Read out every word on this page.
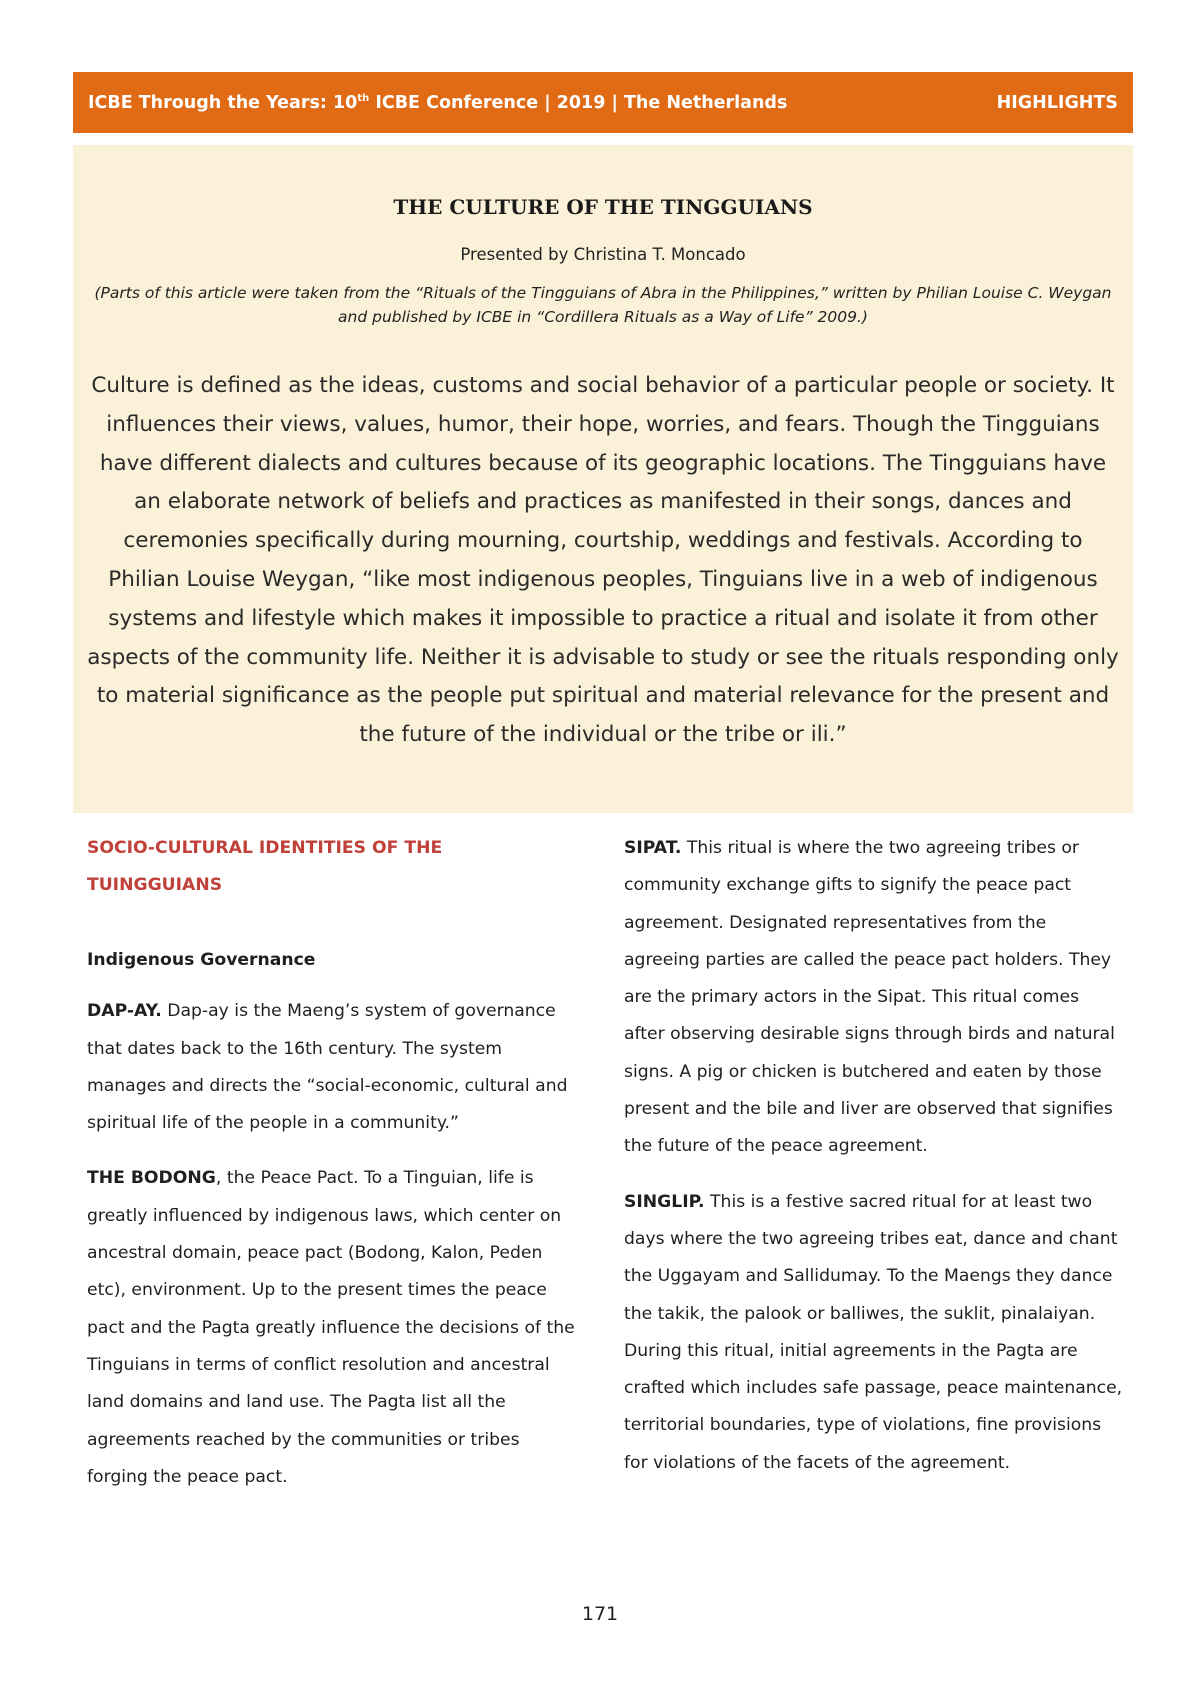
ICBE Through the Years: 10th ICBE Conference | 2019 | The Netherlands	HIGHLIGHTS
THE CULTURE OF THE TINGGUIANS
Presented by Christina T. Moncado
(Parts of this article were taken from the “Rituals of the Tingguians of Abra in the Philippines,” written by Philian Louise C. Weygan and published by ICBE in “Cordillera Rituals as a Way of Life” 2009.)
Culture is defined as the ideas, customs and social behavior of a particular people or society. It influences their views, values, humor, their hope, worries, and fears. Though the Tingguians have different dialects and cultures because of its geographic locations. The Tingguians have an elaborate network of beliefs and practices as manifested in their songs, dances and ceremonies specifically during mourning, courtship, weddings and festivals. According to Philian Louise Weygan, “like most indigenous peoples, Tinguians live in a web of indigenous systems and lifestyle which makes it impossible to practice a ritual and isolate it from other aspects of the community life. Neither it is advisable to study or see the rituals responding only to material significance as the people put spiritual and material relevance for the present and the future of the individual or the tribe or ili.”

SOCIO-CULTURAL IDENTITIES OF THE
TUINGGUIANS

Indigenous Governance

DAP-AY. Dap-ay is the Maeng’s system of governance that dates back to the 16th century. The system manages and directs the “social-economic, cultural and spiritual life of the people in a community.”

THE BODONG, the Peace Pact. To a Tinguian, life is greatly influenced by indigenous laws, which center on ancestral domain, peace pact (Bodong, Kalon, Peden etc), environment. Up to the present times the peace pact and the Pagta greatly influence the decisions of the Tinguians in terms of conflict resolution and ancestral land domains and land use. The Pagta list all the agreements reached by the communities or tribes forging the peace pact.

SIPAT. This ritual is where the two agreeing tribes or community exchange gifts to signify the peace pact agreement. Designated representatives from the agreeing parties are called the peace pact holders. They are the primary actors in the Sipat. This ritual comes after observing desirable signs through birds and natural signs. A pig or chicken is butchered and eaten by those present and the bile and liver are observed that signifies the future of the peace agreement.

SINGLIP. This is a festive sacred ritual for at least two days where the two agreeing tribes eat, dance and chant the Uggayam and Sallidumay. To the Maengs they dance the takik, the palook or balliwes, the suklit, pinalaiyan. During this ritual, initial agreements in the Pagta are crafted which includes safe passage, peace maintenance, territorial boundaries, type of violations, fine provisions for violations of the facets of the agreement.

171
